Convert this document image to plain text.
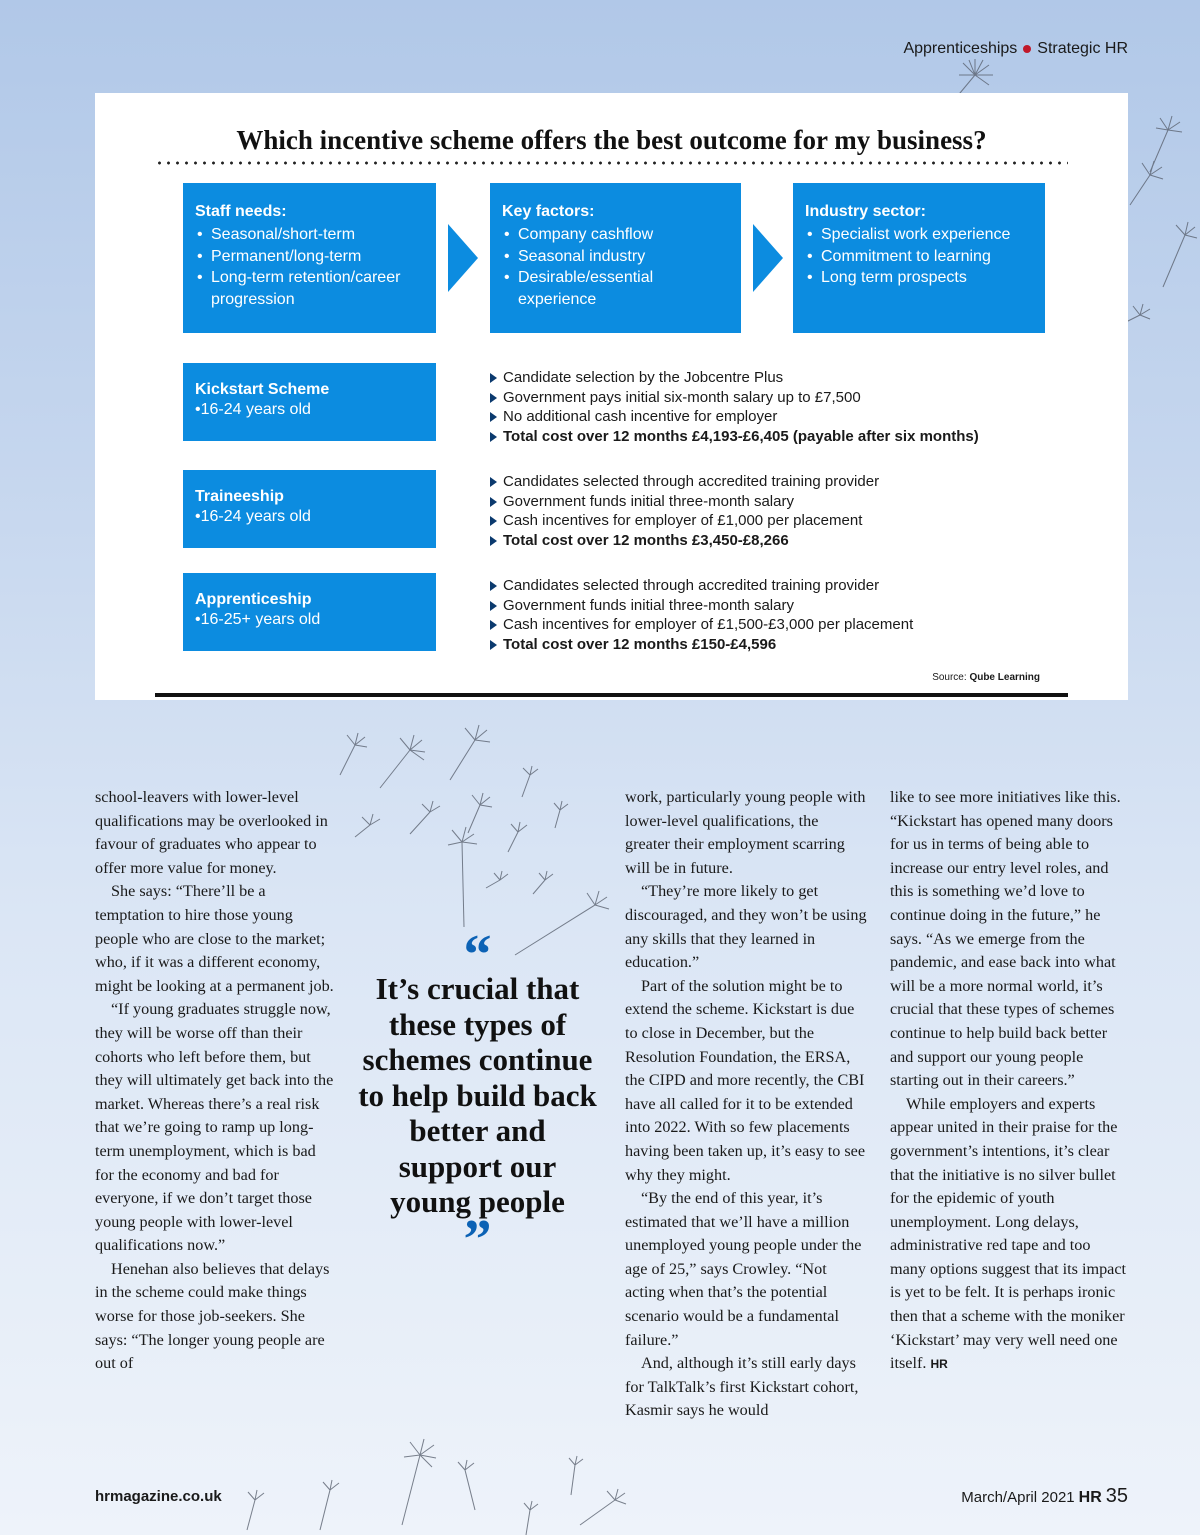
Apprenticeships Strategic HR
Which incentive scheme offers the best outcome for my business?
Staff needs:
• Seasonal/short-term
• Permanent/long-term
• Long-term retention/career progression
Key factors:
• Company cashflow
• Seasonal industry
• Desirable/essential experience
Industry sector:
• Specialist work experience
• Commitment to learning
• Long term prospects
Kickstart Scheme

•16-24 years old

Candidate selection by the Jobcentre Plus
Government pays initial six-month salary up to £7,500
No additional cash incentive for employer
Total cost over 12 months £4,193-£6,405 (payable after six months)
Traineeship

•16-24 years old

Candidates selected through accredited training provider
Government funds initial three-month salary
Cash incentives for employer of £1,000 per placement
Total cost over 12 months £3,450-£8,266
Apprenticeship

•16-25+ years old

Candidates selected through accredited training provider
Government funds initial three-month salary
Cash incentives for employer of £1,500-£3,000 per placement
Total cost over 12 months £150-£4,596
Source: Qube Learning

school-leavers with lower-level qualifications may be overlooked in favour of graduates who appear to offer more value for money.

She says: “There’ll be a temptation to hire those young people who are close to the market; who, if it was a different economy, might be looking at a permanent job.

“If young graduates struggle now, they will be worse off than their cohorts who left before them, but they will ultimately get back into the market. Whereas there’s a real risk that we’re going to ramp up long-term unemployment, which is bad for the economy and bad for everyone, if we don’t target those young people with lower-level qualifications now.”

Henehan also believes that delays in the scheme could make things worse for those job-seekers. She says: “The longer young people are out of

“
It’s crucial that these types of schemes continue to help build back better and support our young people
”

work, particularly young people with lower-level qualifications, the greater their employment scarring will be in future.

“They’re more likely to get discouraged, and they won’t be using any skills that they learned in education.”

Part of the solution might be to extend the scheme. Kickstart is due to close in December, but the Resolution Foundation, the ERSA, the CIPD and more recently, the CBI have all called for it to be extended into 2022. With so few placements having been taken up, it’s easy to see why they might.

“By the end of this year, it’s estimated that we’ll have a million unemployed young people under the age of 25,” says Crowley. “Not acting when that’s the potential scenario would be a fundamental failure.”

And, although it’s still early days for TalkTalk’s first Kickstart cohort, Kasmir says he would

like to see more initiatives like this. “Kickstart has opened many doors for us in terms of being able to increase our entry level roles, and this is something we’d love to continue doing in the future,” he says. “As we emerge from the pandemic, and ease back into what will be a more normal world, it’s crucial that these types of schemes continue to help build back better and support our young people starting out in their careers.”

While employers and experts appear united in their praise for the government’s intentions, it’s clear that the initiative is no silver bullet for the epidemic of youth unemployment. Long delays, administrative red tape and too many options suggest that its impact is yet to be felt. It is perhaps ironic then that a scheme with the moniker ‘Kickstart’ may very well need one itself. HR

hrmagazine.co.uk	March/April 2021 HR 35
